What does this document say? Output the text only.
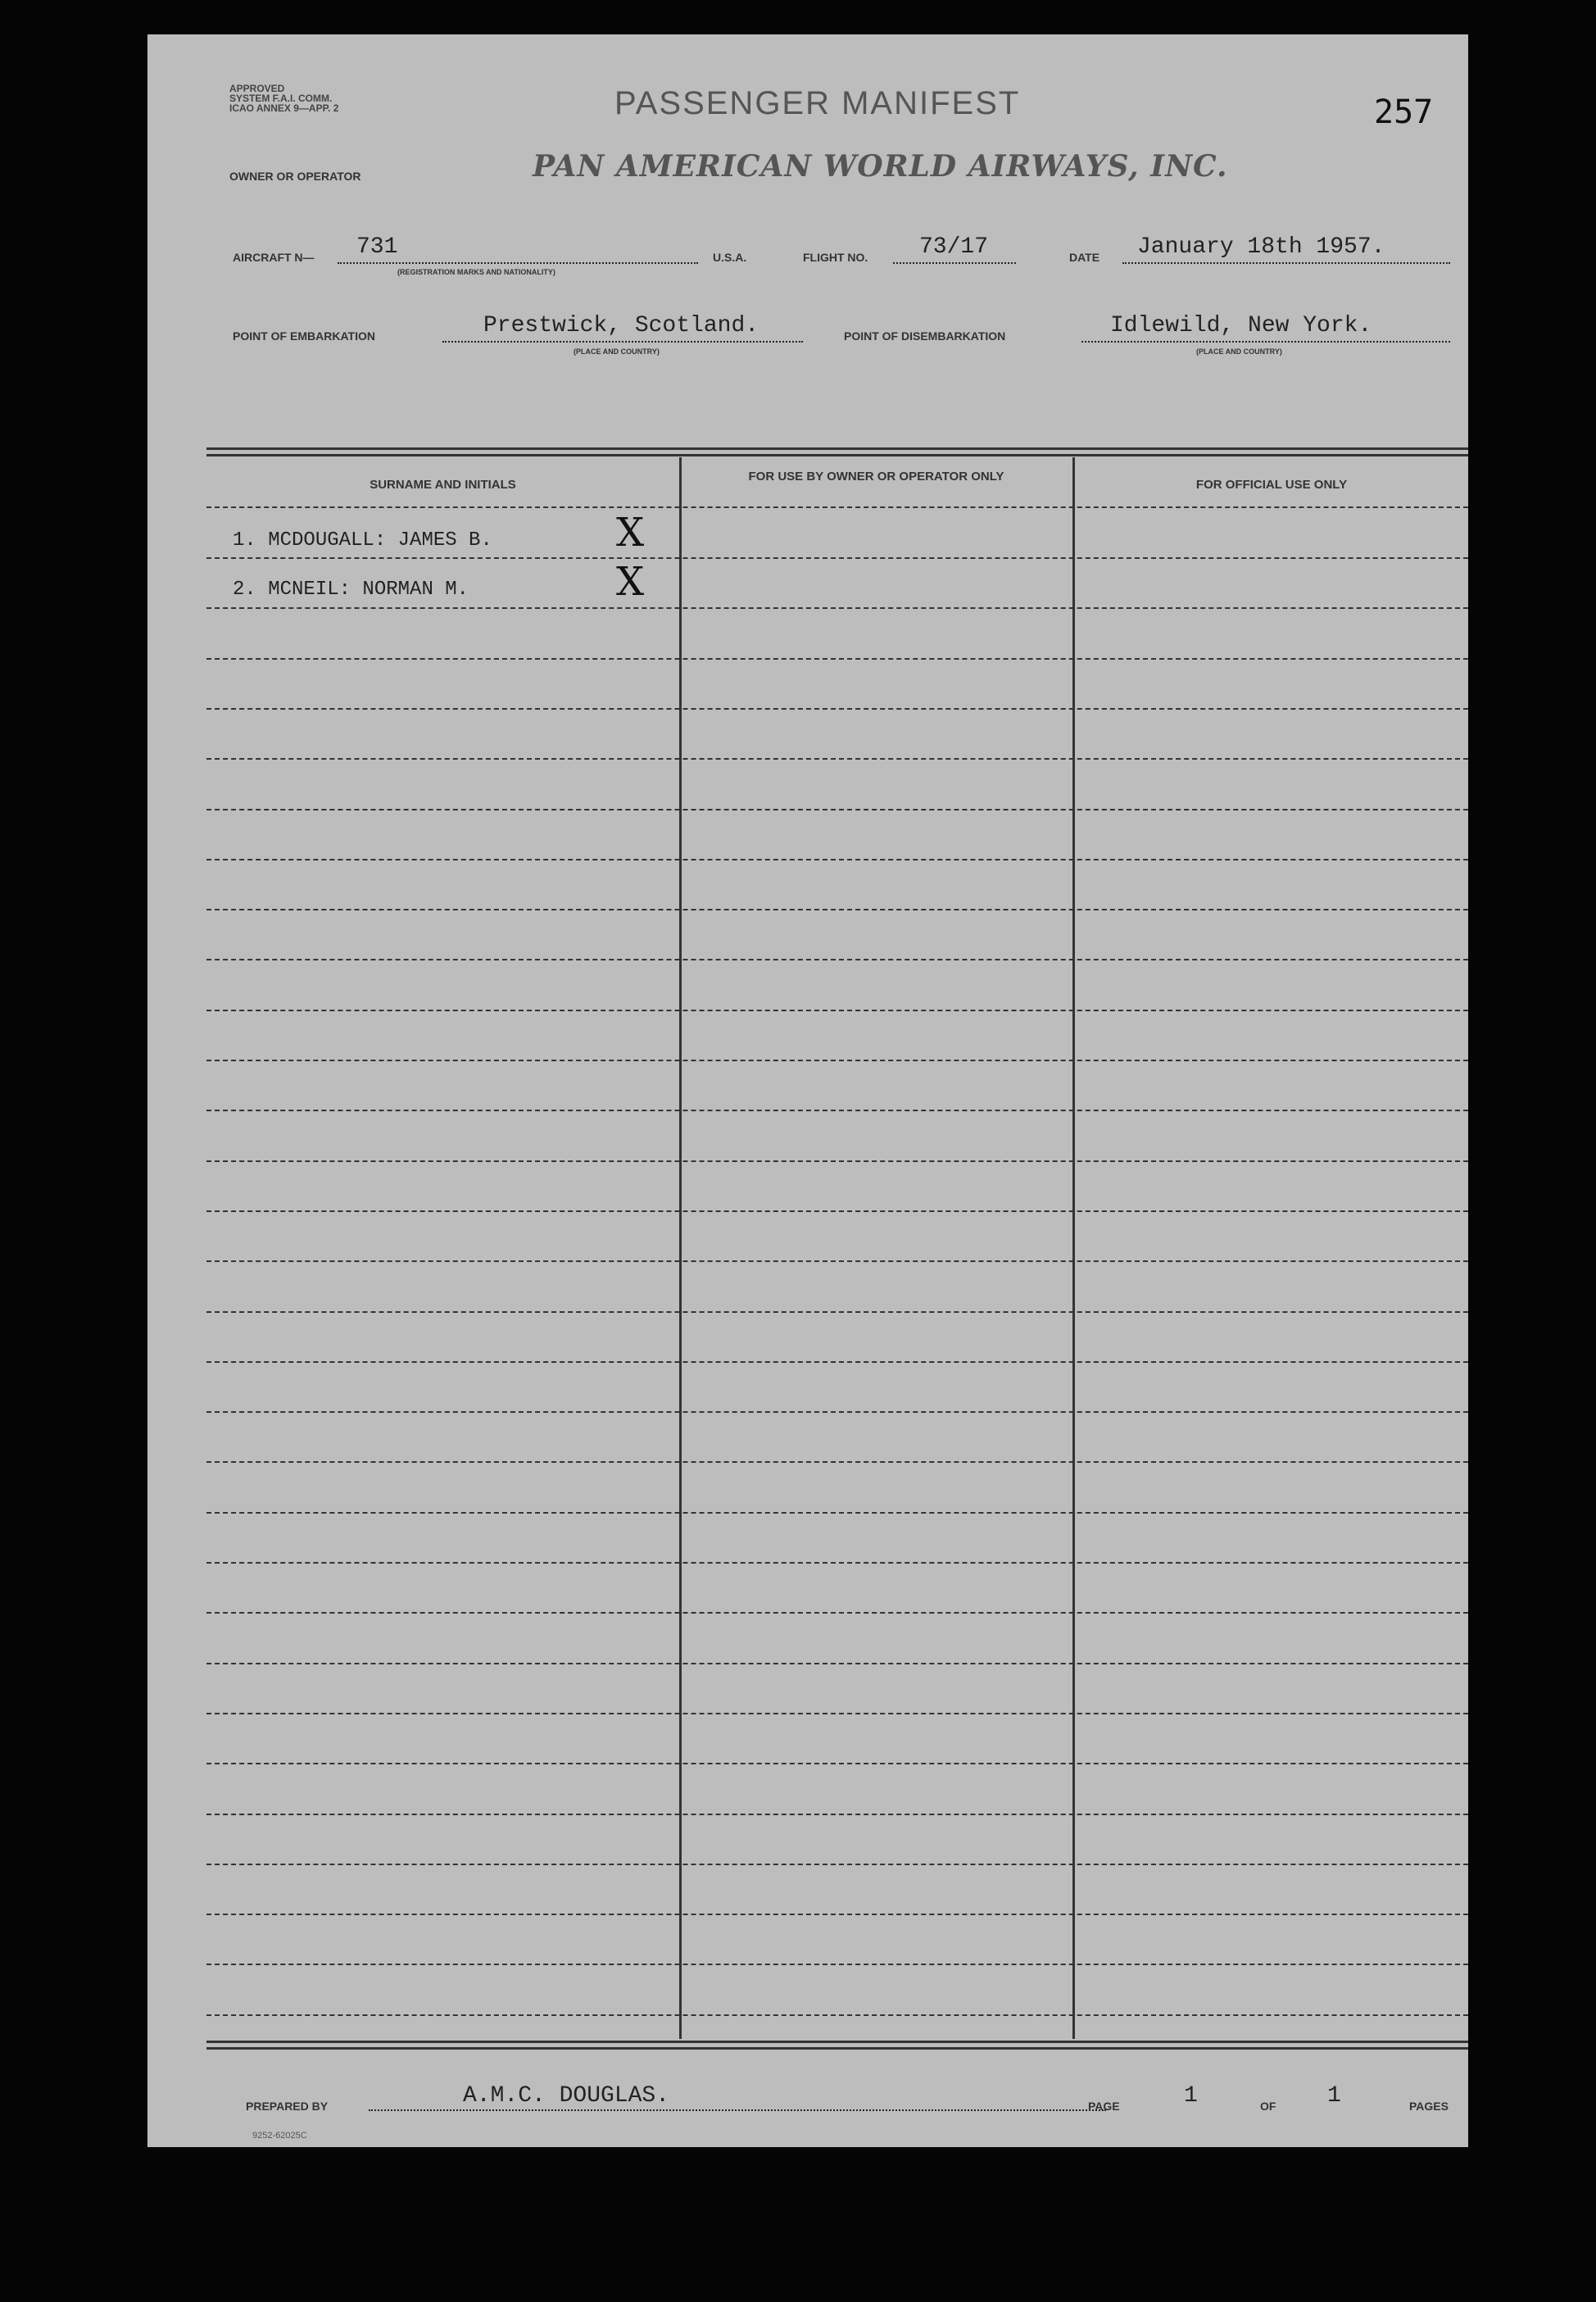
APPROVED
SYSTEM F.A.I. COMM.
ICAO ANNEX 9—APP. 2	PASSENGER MANIFEST	257
OWNER OR OPERATOR	PAN AMERICAN WORLD AIRWAYS, INC.
AIRCRAFT N— 731
(REGISTRATION MARKS AND NATIONALITY)
U.S.A.	FLIGHT NO. 73/17	DATE January 18th 1957.
POINT OF EMBARKATION	Prestwick, Scotland.
(PLACE AND COUNTRY)
POINT OF DISEMBARKATION	Idlewild, New York.
(PLACE AND COUNTRY)
SURNAME AND INITIALS
FOR USE BY OWNER OR OPERATOR ONLY
FOR OFFICIAL USE ONLY
1. MCDOUGALL: JAMES B.	X
2. MCNEIL: NORMAN M.	X
PREPARED BY	A.M.C. DOUGLAS.	PAGE	1	OF 1	PAGES
9252-62025C
